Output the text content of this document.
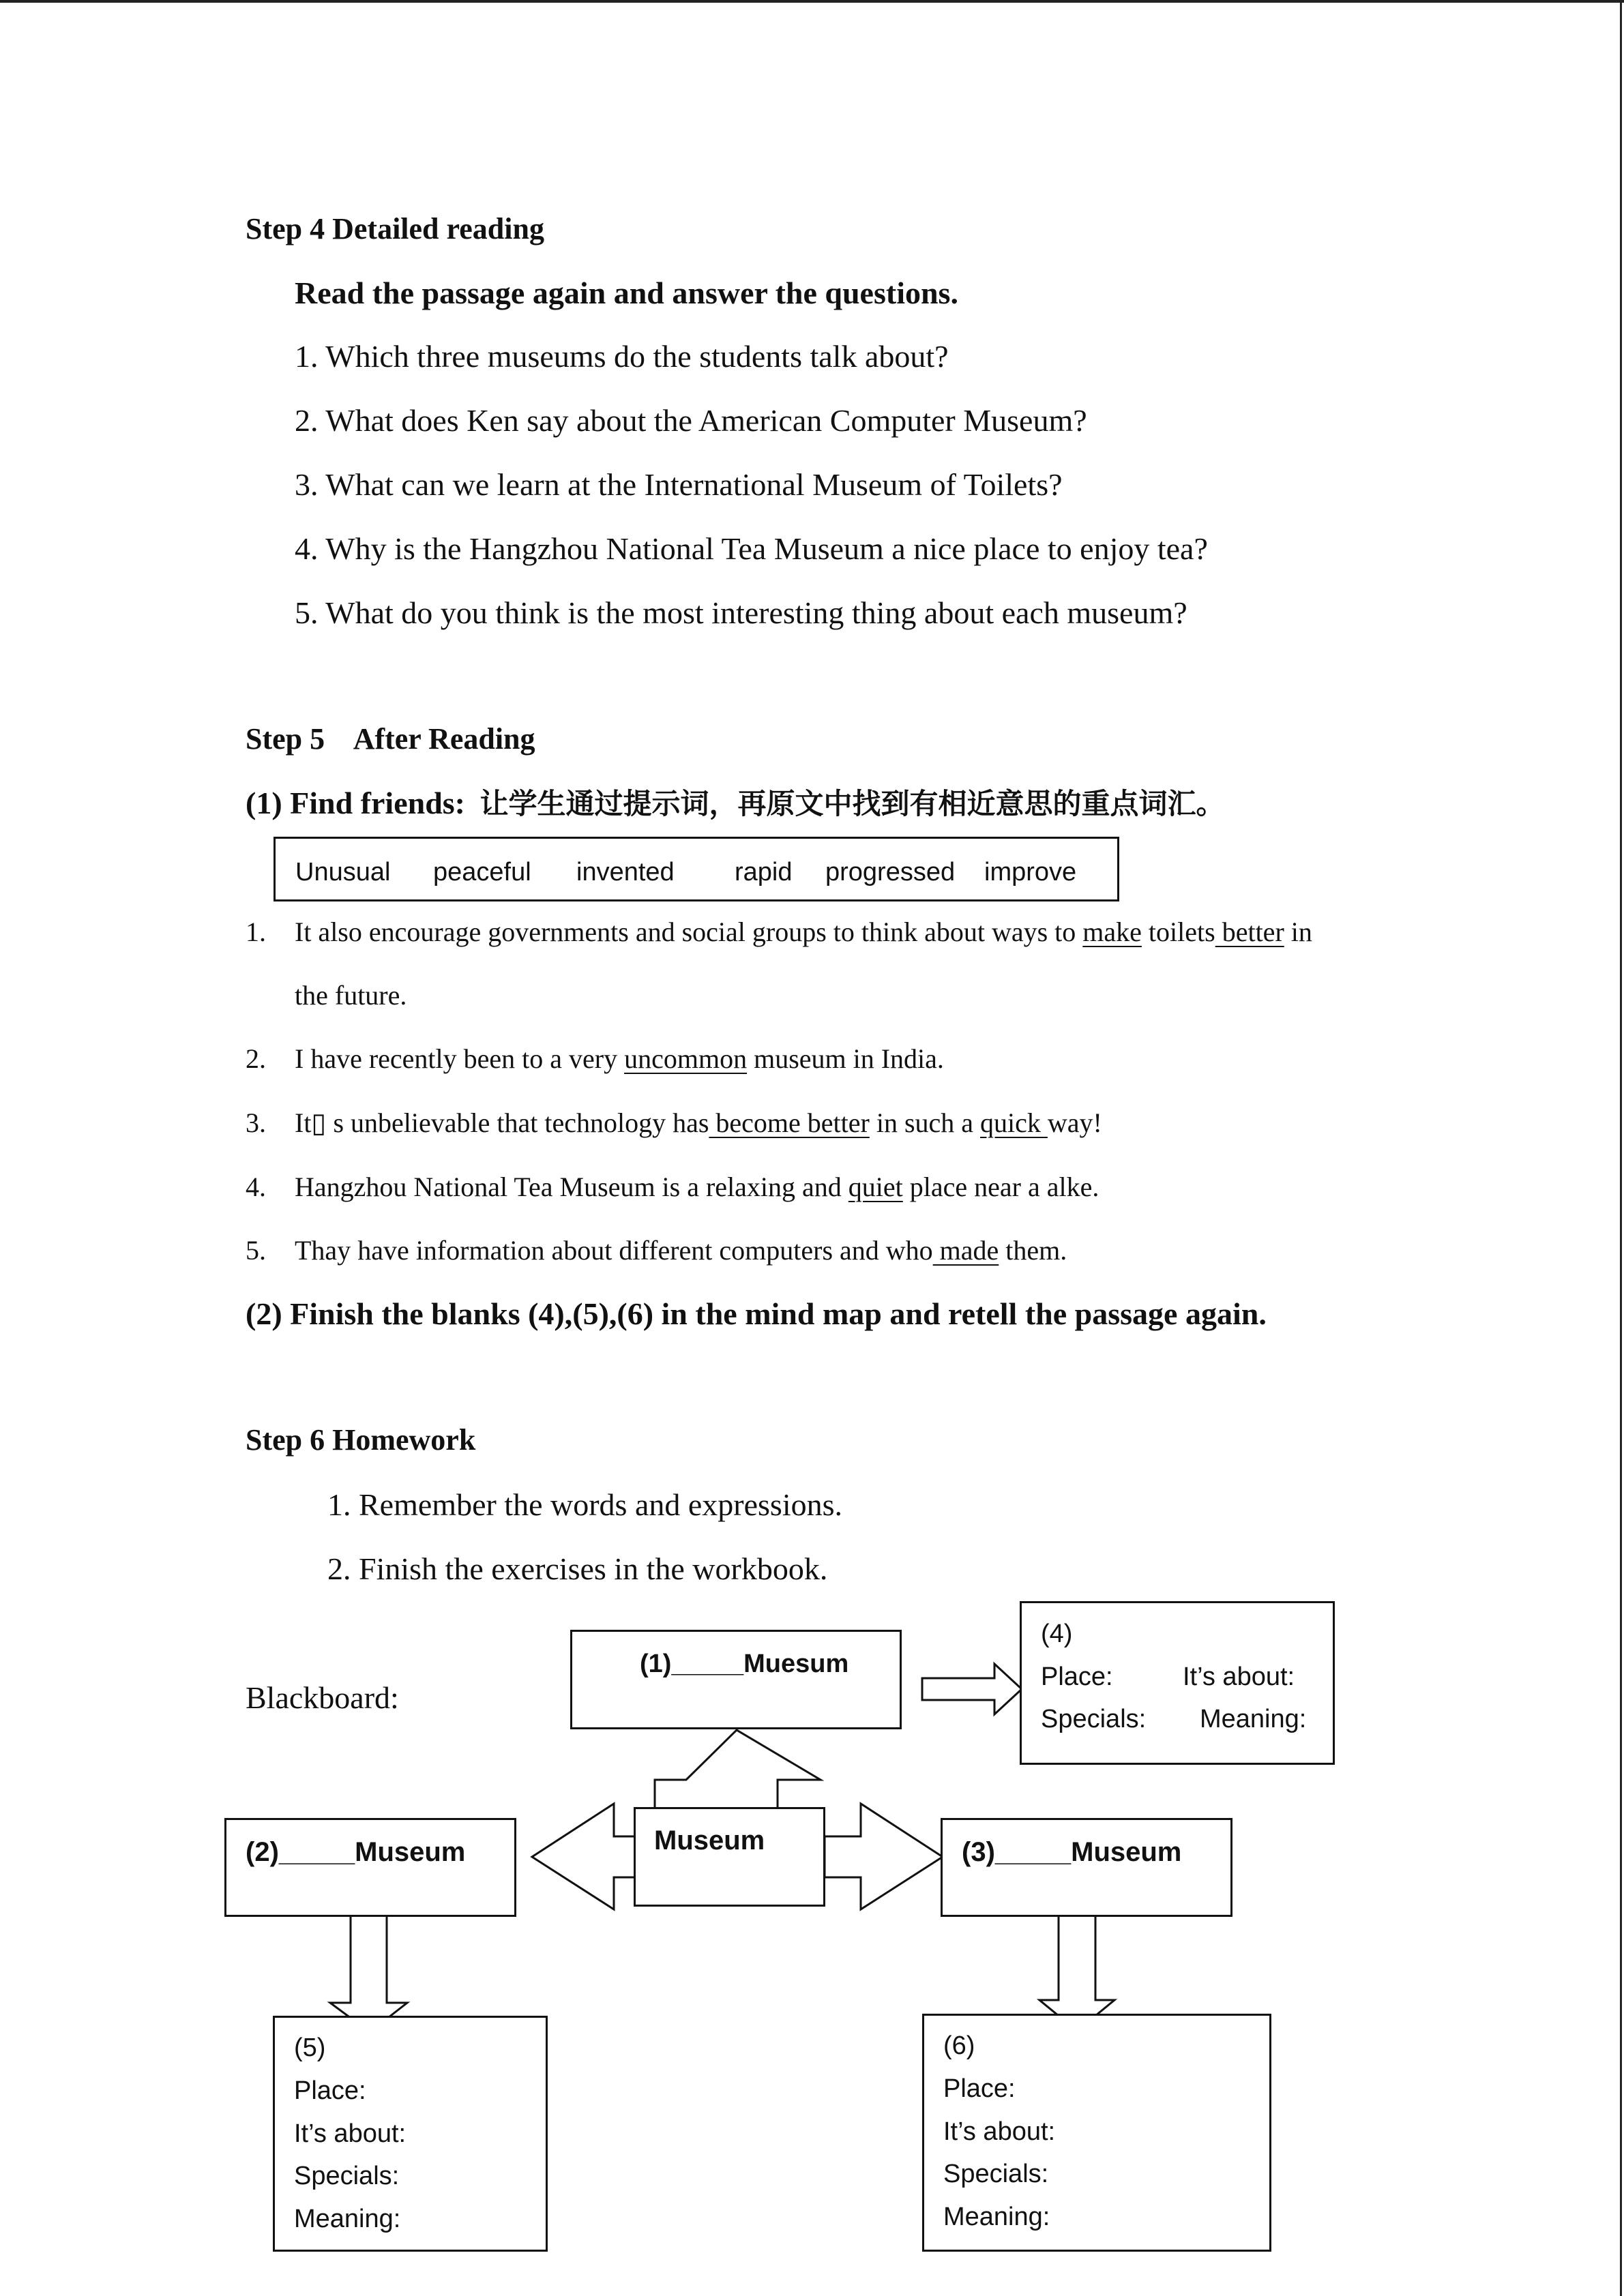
Step 4 Detailed reading
Read the passage again and answer the questions.
1. Which three museums do the students talk about?
2. What does Ken say about the American Computer Museum?
3. What can we learn at the International Museum of Toilets?
4. Why is the Hangzhou National Tea Museum a nice place to enjoy tea?
5. What do you think is the most interesting thing about each museum?
Step 5    After Reading
(1) Find friends: 让学生通过提示词，再原文中找到有相近意思的重点词汇。
Unusual peaceful invented rapid progressed improve
1. It also encourage governments and social groups to think about ways to make toilets better in
the future.
2. I have recently been to a very uncommon museum in India.
3. It▯ s unbelievable that technology has become better in such a quick way!
4. Hangzhou National Tea Museum is a relaxing and quiet place near a alke.
5. Thay have information about different computers and who made them.
(2) Finish the blanks (4),(5),(6) in the mind map and retell the passage again.
Step 6 Homework
1. Remember the words and expressions.
2. Finish the exercises in the workbook.
Blackboard:
(1)_____Muesum
(4)
Place:	It’s about:
Specials: Meaning:
Museum
(2)_____Museum	(3)_____Museum
(5)
Place:
It’s about:
Specials:
Meaning:
(6)
Place:
It’s about:
Specials:
Meaning:
